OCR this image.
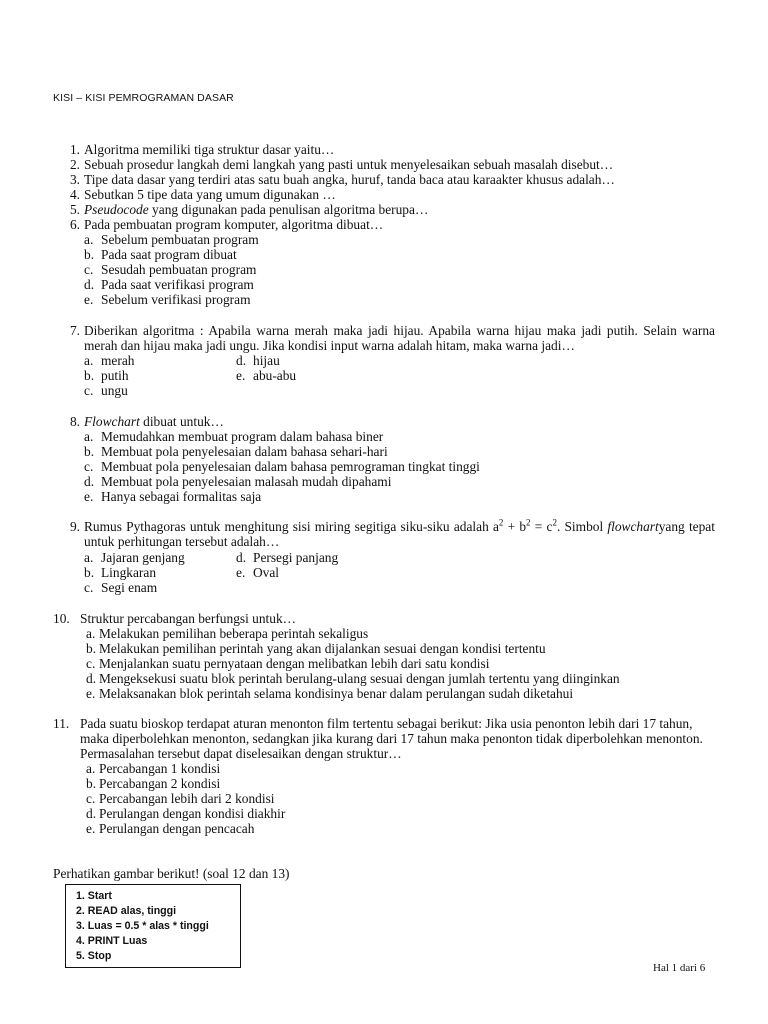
KISI – KISI PEMROGRAMAN DASAR
1. Algoritma memiliki tiga struktur dasar yaitu…
2. Sebuah prosedur langkah demi langkah yang pasti untuk menyelesaikan sebuah masalah disebut…
3. Tipe data dasar yang terdiri atas satu buah angka, huruf, tanda baca atau karaakter khusus adalah…
4. Sebutkan 5 tipe data yang umum digunakan …
5. Pseudocode yang digunakan pada penulisan algoritma berupa…
6. Pada pembuatan program komputer, algoritma dibuat…
a. Sebelum pembuatan program
b. Pada saat program dibuat
c. Sesudah pembuatan program
d. Pada saat verifikasi program
e. Sebelum verifikasi program
7. Diberikan algoritma : Apabila warna merah maka jadi hijau. Apabila warna hijau maka jadi putih. Selain warna merah dan hijau maka jadi ungu. Jika kondisi input warna adalah hitam, maka warna jadi…
a. merah	d. hijau
b. putih	e. abu-abu
c. ungu
8. Flowchart dibuat untuk…
a. Memudahkan membuat program dalam bahasa biner
b. Membuat pola penyelesaian dalam bahasa sehari-hari
c. Membuat pola penyelesaian dalam bahasa pemrograman tingkat tinggi
d. Membuat pola penyelesaian malasah mudah dipahami
e. Hanya sebagai formalitas saja
9. Rumus Pythagoras untuk menghitung sisi miring segitiga siku-siku adalah $a^2 + b^2 = c^2$. Simbol flowchartyang tepat untuk perhitungan tersebut adalah…
a. Jajaran genjang	d. Persegi panjang
b. Lingkaran	e. Oval
c. Segi enam
10. Struktur percabangan berfungsi untuk…
a. Melakukan pemilihan beberapa perintah sekaligus
b. Melakukan pemilihan perintah yang akan dijalankan sesuai dengan kondisi tertentu
c. Menjalankan suatu pernyataan dengan melibatkan lebih dari satu kondisi
d. Mengeksekusi suatu blok perintah berulang-ulang sesuai dengan jumlah tertentu yang diinginkan
e. Melaksanakan blok perintah selama kondisinya benar dalam perulangan sudah diketahui
11. Pada suatu bioskop terdapat aturan menonton film tertentu sebagai berikut: Jika usia penonton lebih dari 17 tahun, maka diperbolehkan menonton, sedangkan jika kurang dari 17 tahun maka penonton tidak diperbolehkan menonton. Permasalahan tersebut dapat diselesaikan dengan struktur…
a. Percabangan 1 kondisi
b. Percabangan 2 kondisi
c. Percabangan lebih dari 2 kondisi
d. Perulangan dengan kondisi diakhir
e. Perulangan dengan pencacah
Perhatikan gambar berikut! (soal 12 dan 13)
1. Start
2. READ alas, tinggi
3. Luas = 0.5 * alas * tinggi
4. PRINT Luas
5. Stop
Hal 1 dari 6
